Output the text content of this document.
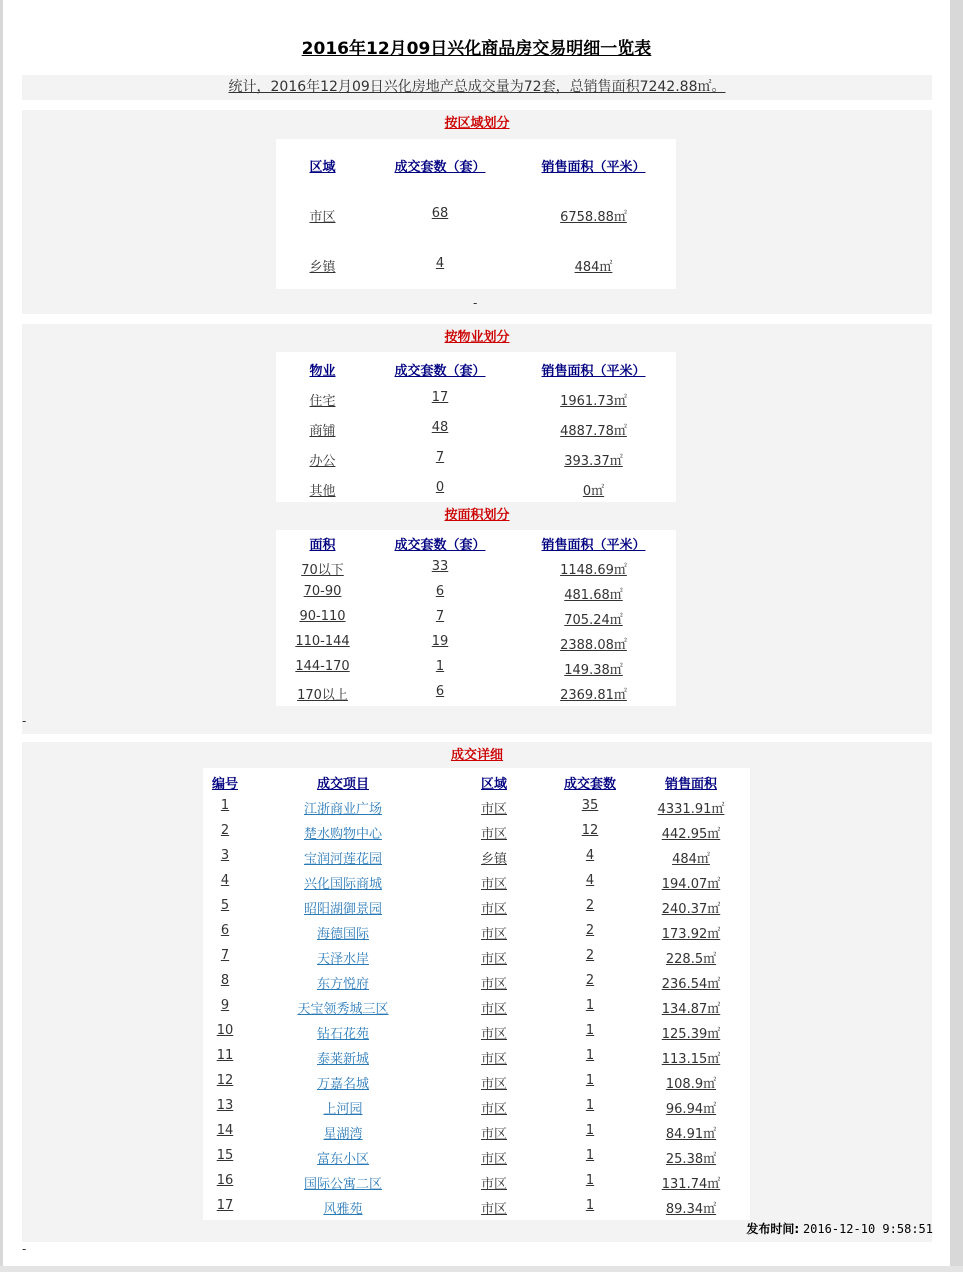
2016年12月09日兴化商品房交易明细一览表
统计，2016年12月09日兴化房地产总成交量为72套，总销售面积7242.88㎡。
按区域划分
区域	成交套数（套）	销售面积（平米）
市区	68	6758.88㎡
乡镇	4	484㎡
-
按物业划分
物业	成交套数（套）	销售面积（平米）
住宅	17	1961.73㎡
商铺	48	4887.78㎡
办公	7	393.37㎡
其他	0	0㎡
按面积划分
面积	成交套数（套）	销售面积（平米）
70以下	33	1148.69㎡
70-90	6	481.68㎡
90-110	7	705.24㎡
110-144	19	2388.08㎡
144-170	1	149.38㎡
170以上	6	2369.81㎡
-
成交详细
编号	成交项目	区域	成交套数	销售面积
1	江浙商业广场	市区	35	4331.91㎡
2	楚水购物中心	市区	12	442.95㎡
3	宝润河莲花园	乡镇	4	484㎡
4	兴化国际商城	市区	4	194.07㎡
5	昭阳湖御景园	市区	2	240.37㎡
6	海德国际	市区	2	173.92㎡
7	天泽水岸	市区	2	228.5㎡
8	东方悦府	市区	2	236.54㎡
9	天宝领秀城三区	市区	1	134.87㎡
10	钻石花苑	市区	1	125.39㎡
11	泰莱新城	市区	1	113.15㎡
12	万嘉名城	市区	1	108.9㎡
13	上河园	市区	1	96.94㎡
14	星湖湾	市区	1	84.91㎡
15	富东小区	市区	1	25.38㎡
16	国际公寓二区	市区	1	131.74㎡
17	风雅苑	市区	1	89.34㎡
发布时间: 2016-12-10 9:58:51
-
